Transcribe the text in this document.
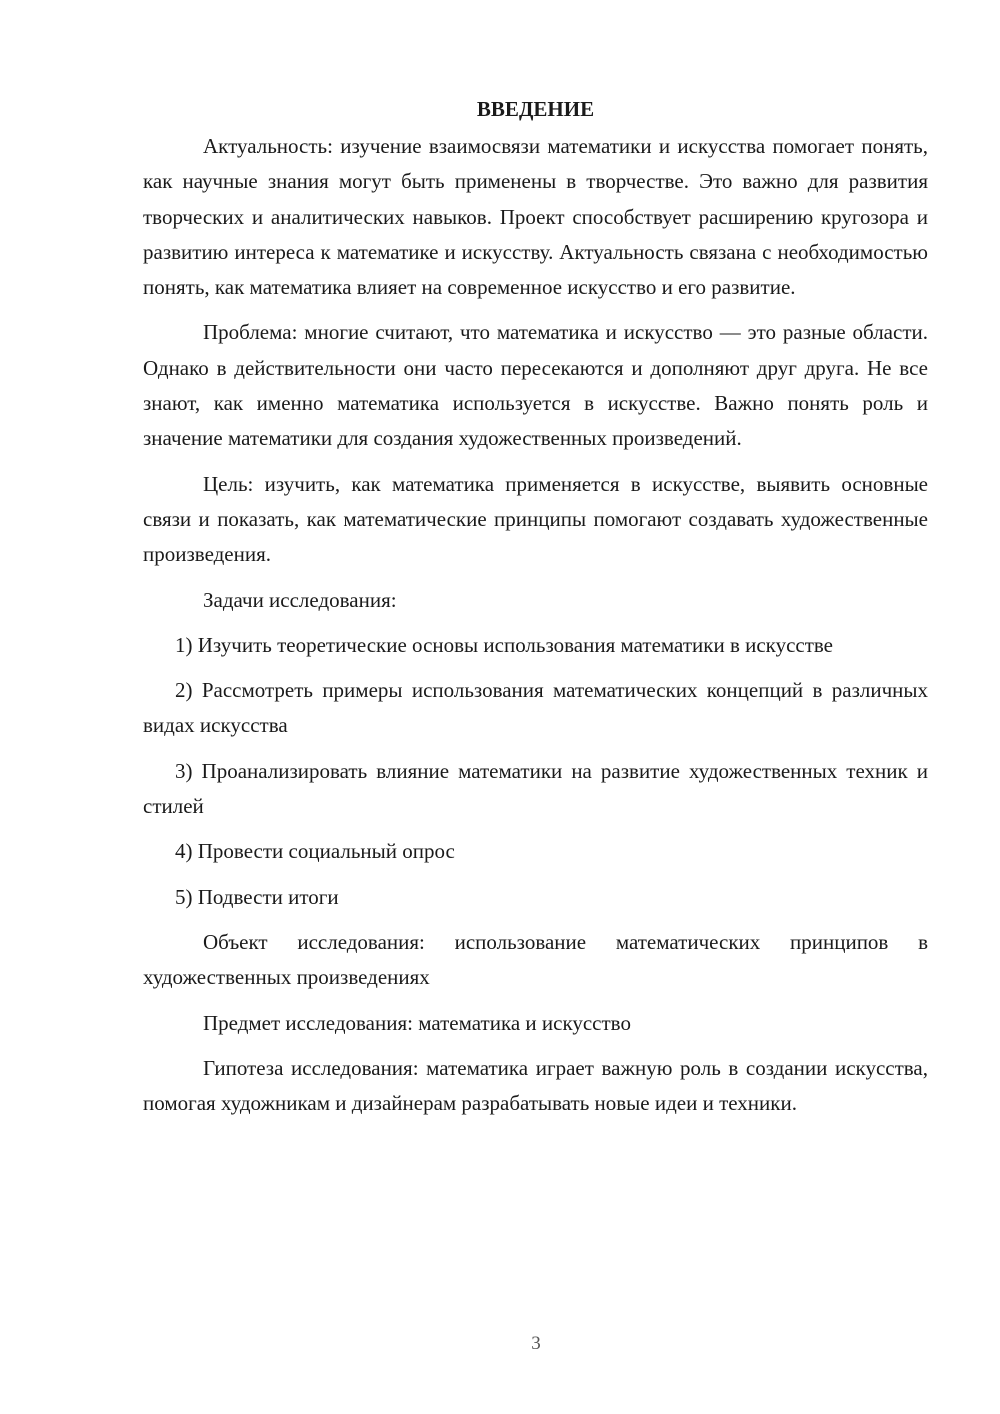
ВВЕДЕНИЕ

Актуальность: изучение взаимосвязи математики и искусства помогает понять, как научные знания могут быть применены в творчестве. Это важно для развития творческих и аналитических навыков. Проект способствует расширению кругозора и развитию интереса к математике и искусству. Актуальность связана с необходимостью понять, как математика влияет на современное искусство и его развитие.

Проблема: многие считают, что математика и искусство — это разные области. Однако в действительности они часто пересекаются и дополняют друг друга. Не все знают, как именно математика используется в искусстве. Важно понять роль и значение математики для создания художественных произведений.

Цель: изучить, как математика применяется в искусстве, выявить основные связи и показать, как математические принципы помогают создавать художественные произведения.

Задачи исследования:

1) Изучить теоретические основы использования математики в искусстве

2) Рассмотреть примеры использования математических концепций в различных видах искусства

3) Проанализировать влияние математики на развитие художественных техник и стилей

4) Провести социальный опрос

5) Подвести итоги

Объект исследования: использование математических принципов в художественных произведениях

Предмет исследования: математика и искусство

Гипотеза исследования: математика играет важную роль в создании искусства, помогая художникам и дизайнерам разрабатывать новые идеи и техники.

3
